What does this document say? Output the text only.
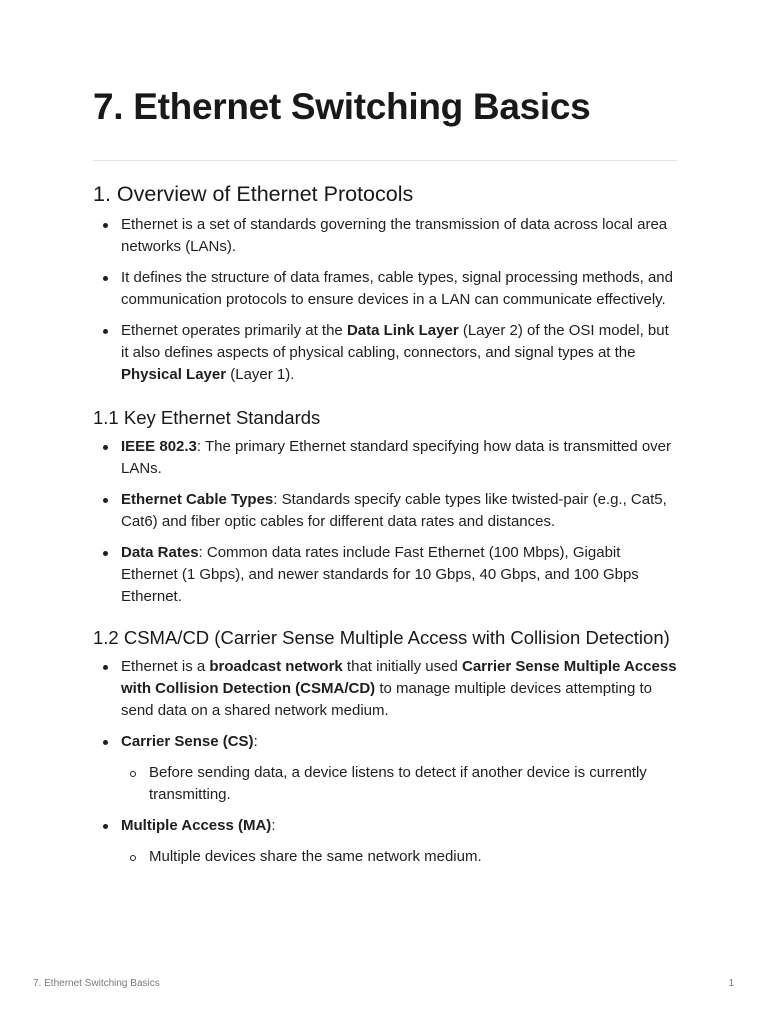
7. Ethernet Switching Basics
1. Overview of Ethernet Protocols
Ethernet is a set of standards governing the transmission of data across local area networks (LANs).
It defines the structure of data frames, cable types, signal processing methods, and communication protocols to ensure devices in a LAN can communicate effectively.
Ethernet operates primarily at the Data Link Layer (Layer 2) of the OSI model, but it also defines aspects of physical cabling, connectors, and signal types at the Physical Layer (Layer 1).
1.1 Key Ethernet Standards
IEEE 802.3: The primary Ethernet standard specifying how data is transmitted over LANs.
Ethernet Cable Types: Standards specify cable types like twisted-pair (e.g., Cat5, Cat6) and fiber optic cables for different data rates and distances.
Data Rates: Common data rates include Fast Ethernet (100 Mbps), Gigabit Ethernet (1 Gbps), and newer standards for 10 Gbps, 40 Gbps, and 100 Gbps Ethernet.
1.2 CSMA/CD (Carrier Sense Multiple Access with Collision Detection)
Ethernet is a broadcast network that initially used Carrier Sense Multiple Access with Collision Detection (CSMA/CD) to manage multiple devices attempting to send data on a shared network medium.
Carrier Sense (CS):
Before sending data, a device listens to detect if another device is currently transmitting.
Multiple Access (MA):
Multiple devices share the same network medium.
7. Ethernet Switching Basics	1
